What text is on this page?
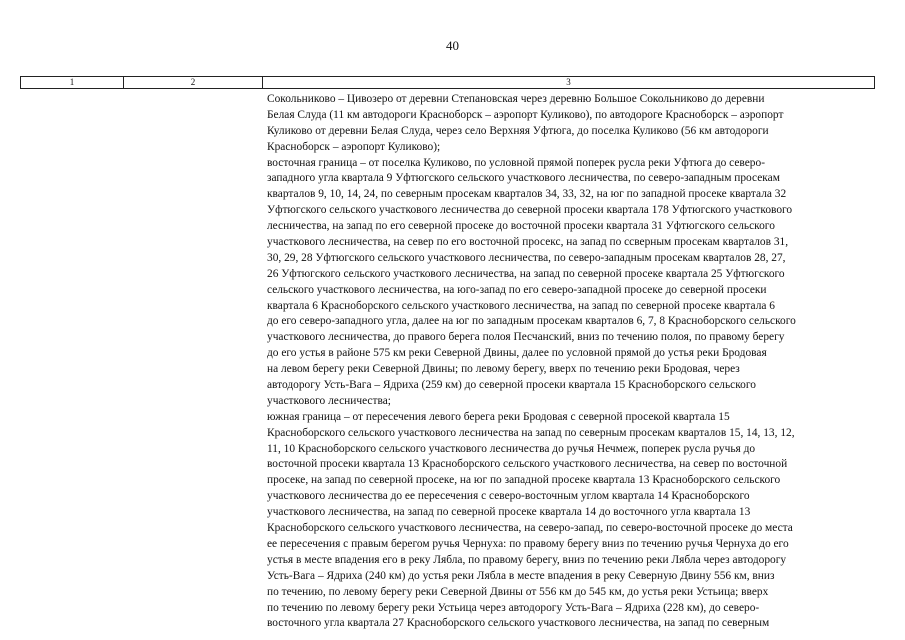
40
1	2	3
Сокольниково – Цивозеро от деревни Степановская через деревню Большое Сокольниково до деревни
Белая Слуда (11 км автодороги Красноборск – аэропорт Куликово), по автодороге Красноборск – аэропорт
Куликово от деревни Белая Слуда, через село Верхняя Уфтюга, до поселка Куликово (56 км автодороги
Красноборск – аэропорт Куликово);
восточная граница – от поселка Куликово, по условной прямой поперек русла реки Уфтюга до северо-
западного угла квартала 9 Уфтюгского сельского участкового лесничества, по северо-западным просекам
кварталов 9, 10, 14, 24, по северным просекам кварталов 34, 33, 32, на юг по западной просеке квартала 32
Уфтюгского сельского участкового лесничества до северной просеки квартала 178 Уфтюгского участкового
лесничества, на запад по его северной просеке до восточной просеки квартала 31 Уфтюгского сельского
участкового лесничества, на север по его восточной просекс, на запад по ссверным просекам кварталов 31,
30, 29, 28 Уфтюгского сельского участкового лесничества, по северо-западным просекам кварталов 28, 27,
26 Уфтюгского сельского участкового лесничества, на запад по северной просеке квартала 25 Уфтюгского
сельского участкового лесничества, на юго-запад по его северо-западной просеке до северной просеки
квартала 6 Красноборского сельского участкового лесничества, на запад по северной просеке квартала 6
до его северо-западного угла, далее на юг по западным просекам кварталов 6, 7, 8 Красноборского сельского
участкового лесничества, до правого берега полоя Песчанский, вниз по течению полоя, по правому берегу
до его устья в районе 575 км реки Северной Двины, далее по условной прямой до устья реки Бродовая
на левом берегу реки Северной Двины; по левому берегу, вверх по течению реки Бродовая, через
автодорогу Усть-Вага – Ядриха (259 км) до северной просеки квартала 15 Красноборского сельского
участкового лесничества;
южная граница – от пересечения левого берега реки Бродовая с северной просекой квартала 15
Красноборского сельского участкового лесничества на запад по северным просекам кварталов 15, 14, 13, 12,
11, 10 Красноборского сельского участкового лесничества до ручья Нечмеж, поперек русла ручья до
восточной просеки квартала 13 Красноборского сельского участкового лесничества, на север по восточной
просеке, на запад по северной просеке, на юг по западной просеке квартала 13 Красноборского сельского
участкового лесничества до ее пересечения с северо-восточным углом квартала 14 Красноборского
участкового лесничества, на запад по северной просеке квартала 14 до восточного угла квартала 13
Красноборского сельского участкового лесничества, на северо-запад, по северо-восточной просеке до места
ее пересечения с правым берегом ручья Чернуха: по правому берегу вниз по течению ручья Чернуха до его
устья в месте впадения его в реку Лябла, по правому берегу, вниз по течению реки Лябла через автодорогу
Усть-Вага – Ядриха (240 км) до устья реки Лябла в месте впадения в реку Северную Двину 556 км, вниз
по течению, по левому берегу реки Северной Двины от 556 км до 545 км, до устья реки Устьица; вверх
по течению по левому берегу реки Устьица через автодорогу Усть-Вага – Ядриха (228 км), до северо-
восточного угла квартала 27 Красноборского сельского участкового лесничества, на запад по северным
